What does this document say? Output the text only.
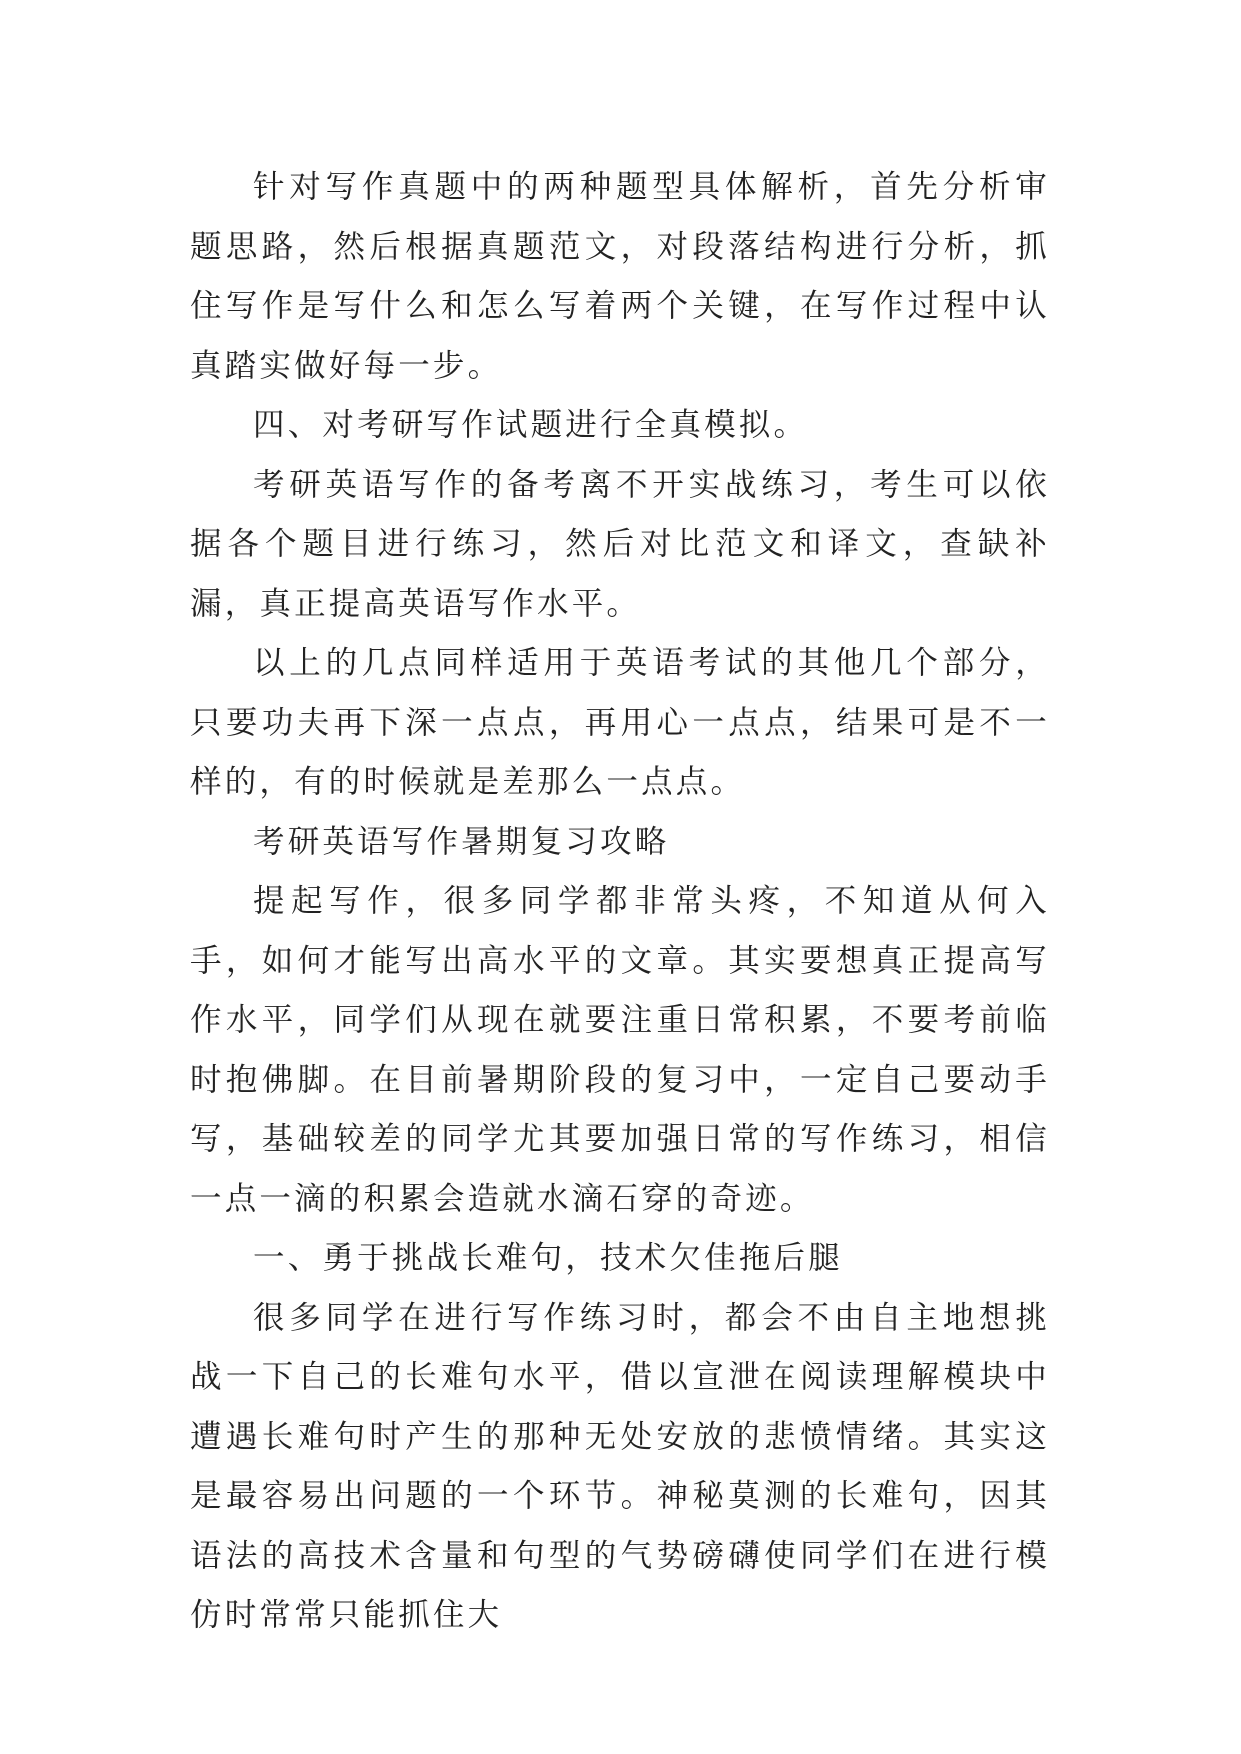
针对写作真题中的两种题型具体解析，首先分析审题思路，然后根据真题范文，对段落结构进行分析，抓住写作是写什么和怎么写着两个关键，在写作过程中认真踏实做好每一步。

四、对考研写作试题进行全真模拟。

考研英语写作的备考离不开实战练习，考生可以依据各个题目进行练习，然后对比范文和译文，查缺补漏，真正提高英语写作水平。

以上的几点同样适用于英语考试的其他几个部分，只要功夫再下深一点点，再用心一点点，结果可是不一样的，有的时候就是差那么一点点。

考研英语写作暑期复习攻略

提起写作，很多同学都非常头疼，不知道从何入手，如何才能写出高水平的文章。其实要想真正提高写作水平，同学们从现在就要注重日常积累，不要考前临时抱佛脚。在目前暑期阶段的复习中，一定自己要动手写，基础较差的同学尤其要加强日常的写作练习，相信一点一滴的积累会造就水滴石穿的奇迹。

一、勇于挑战长难句，技术欠佳拖后腿

很多同学在进行写作练习时，都会不由自主地想挑战一下自己的长难句水平，借以宣泄在阅读理解模块中遭遇长难句时产生的那种无处安放的悲愤情绪。其实这是最容易出问题的一个环节。神秘莫测的长难句，因其语法的高技术含量和句型的气势磅礴使同学们在进行模仿时常常只能抓住大
